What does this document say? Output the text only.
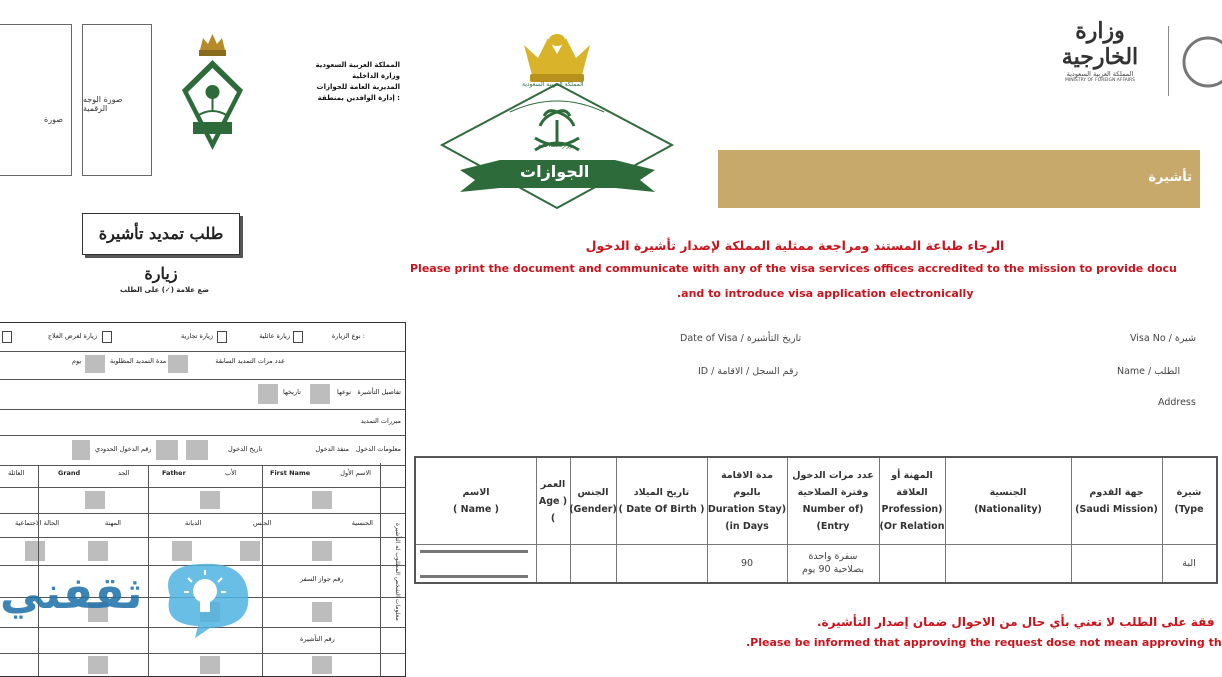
صورة
صورة الوجه الرقمية
المملكة العربية السعودية
وزارة الداخلية
المديرية العامة للجوازات
إدارة الوافدين بمنطقة :
طلب تمديد تأشيرة زيارة
ضع علامة (✓) على الطلب
نوع الزيارة :
زيارة عائلية
زيارة تجارية
زيارة لغرض العلاج
عدد مرات التمديد السابقة
مدة التمديد المطلوبة
يوم
تفاصيل التأشيرة
نوعها
تاريخها
مبررات التمديد
معلومات الدخول
منفذ الدخول
تاريخ الدخول
رقم الدخول الحدودي
الاسم الأول
First Name
الأب
Father
الجد
Grand
العائلة
الجنسية
الجنس
الديانة
المهنة
الحالة الاجتماعية
رقم جواز السفر
رقم التأشيرة
معلومات الشخص المطلوب له التأشيرة
ثقفني
الجوازات
المملكة العربية السعودية
وزارة الداخلية
وزارة الخارجية
المملكة العربية السعودية
MINISTRY OF FOREIGN AFFAIRS
تأشيرة
الرجاء طباعة المستند ومراجعة ممثلية المملكة لإصدار تأشيرة الدخول
Please print the document and communicate with any of the visa services offices accredited to the mission to provide docu
.and to introduce visa application electronically
Date of Visa / تاريخ التأشيرة	Visa No / شيرة
ID / رقم السجل / الاقامة	Name / الطلب
Address
الاسم
( Name )
العمر
Age )
(
الجنس
(Gender)
تاريخ الميلاد
( Date Of Birth )
مدة الاقامة بالبوم
Duration Stay)
(in Days
عدد مرات الدخول وفترة الصلاحية
Number of)
(Entry
المهنة أو العلاقة
Profession)
(Or Relation
الجنسية
(Nationality)
جهة القدوم
(Saudi Mission)
شيرة
(Type
90
سفرة واحدة
بصلاحية 90 يوم
البة
فقة على الطلب لا تعني بأي حال من الاحوال ضمان إصدار التأشيرة.
.Please be informed that approving the request dose not mean approving th
